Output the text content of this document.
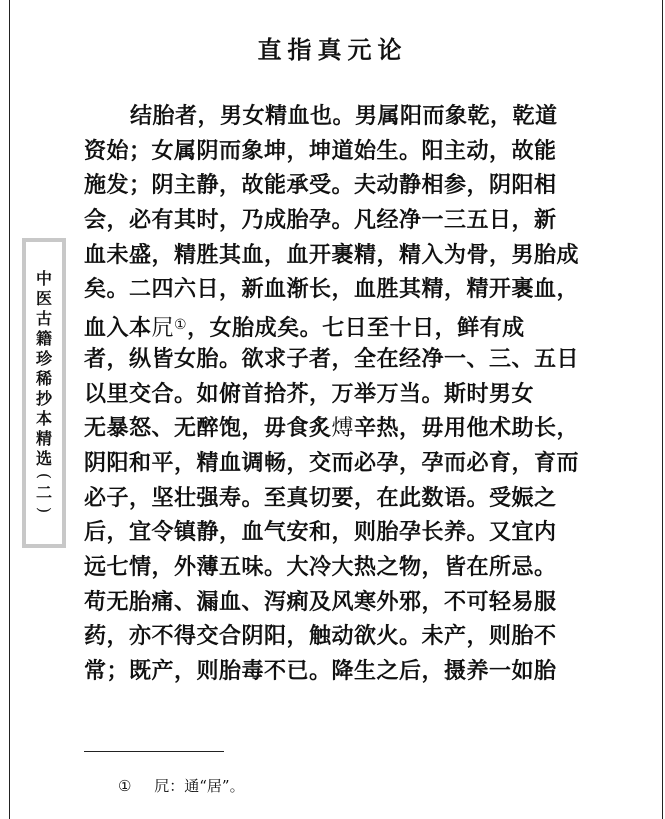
直指真元论
中
医
古
籍
珍
稀
抄
本
精
选
(
二
)
结胎者，男女精血也。男属阳而象乾，乾道
资始；女属阴而象坤，坤道始生。阳主动，故能
施发；阴主静，故能承受。夫动静相参，阴阳相
会，必有其时，乃成胎孕。凡经净一三五日，新
血未盛，精胜其血，血开裹精，精入为骨，男胎成
矣。二四六日，新血渐长，血胜其精，精开裹血，
血入本凥①，女胎成矣。七日至十日，鲜有成
者，纵皆女胎。欲求子者，全在经净一、三、五日
以里交合。如俯首拾芥，万举万当。斯时男女
无暴怒、无醉饱，毋食炙煿辛热，毋用他术助长，
阴阳和平，精血调畅，交而必孕，孕而必育，育而
必子，坚壮强寿。至真切要，在此数语。受娠之
后，宜令镇静，血气安和，则胎孕长养。又宜内
远七情，外薄五味。大冷大热之物，皆在所忌。
苟无胎痛、漏血、泻痢及风寒外邪，不可轻易服
药，亦不得交合阴阳，触动欲火。未产，则胎不
常；既产，则胎毒不已。降生之后，摄养一如胎
① 凥：通“居”。
